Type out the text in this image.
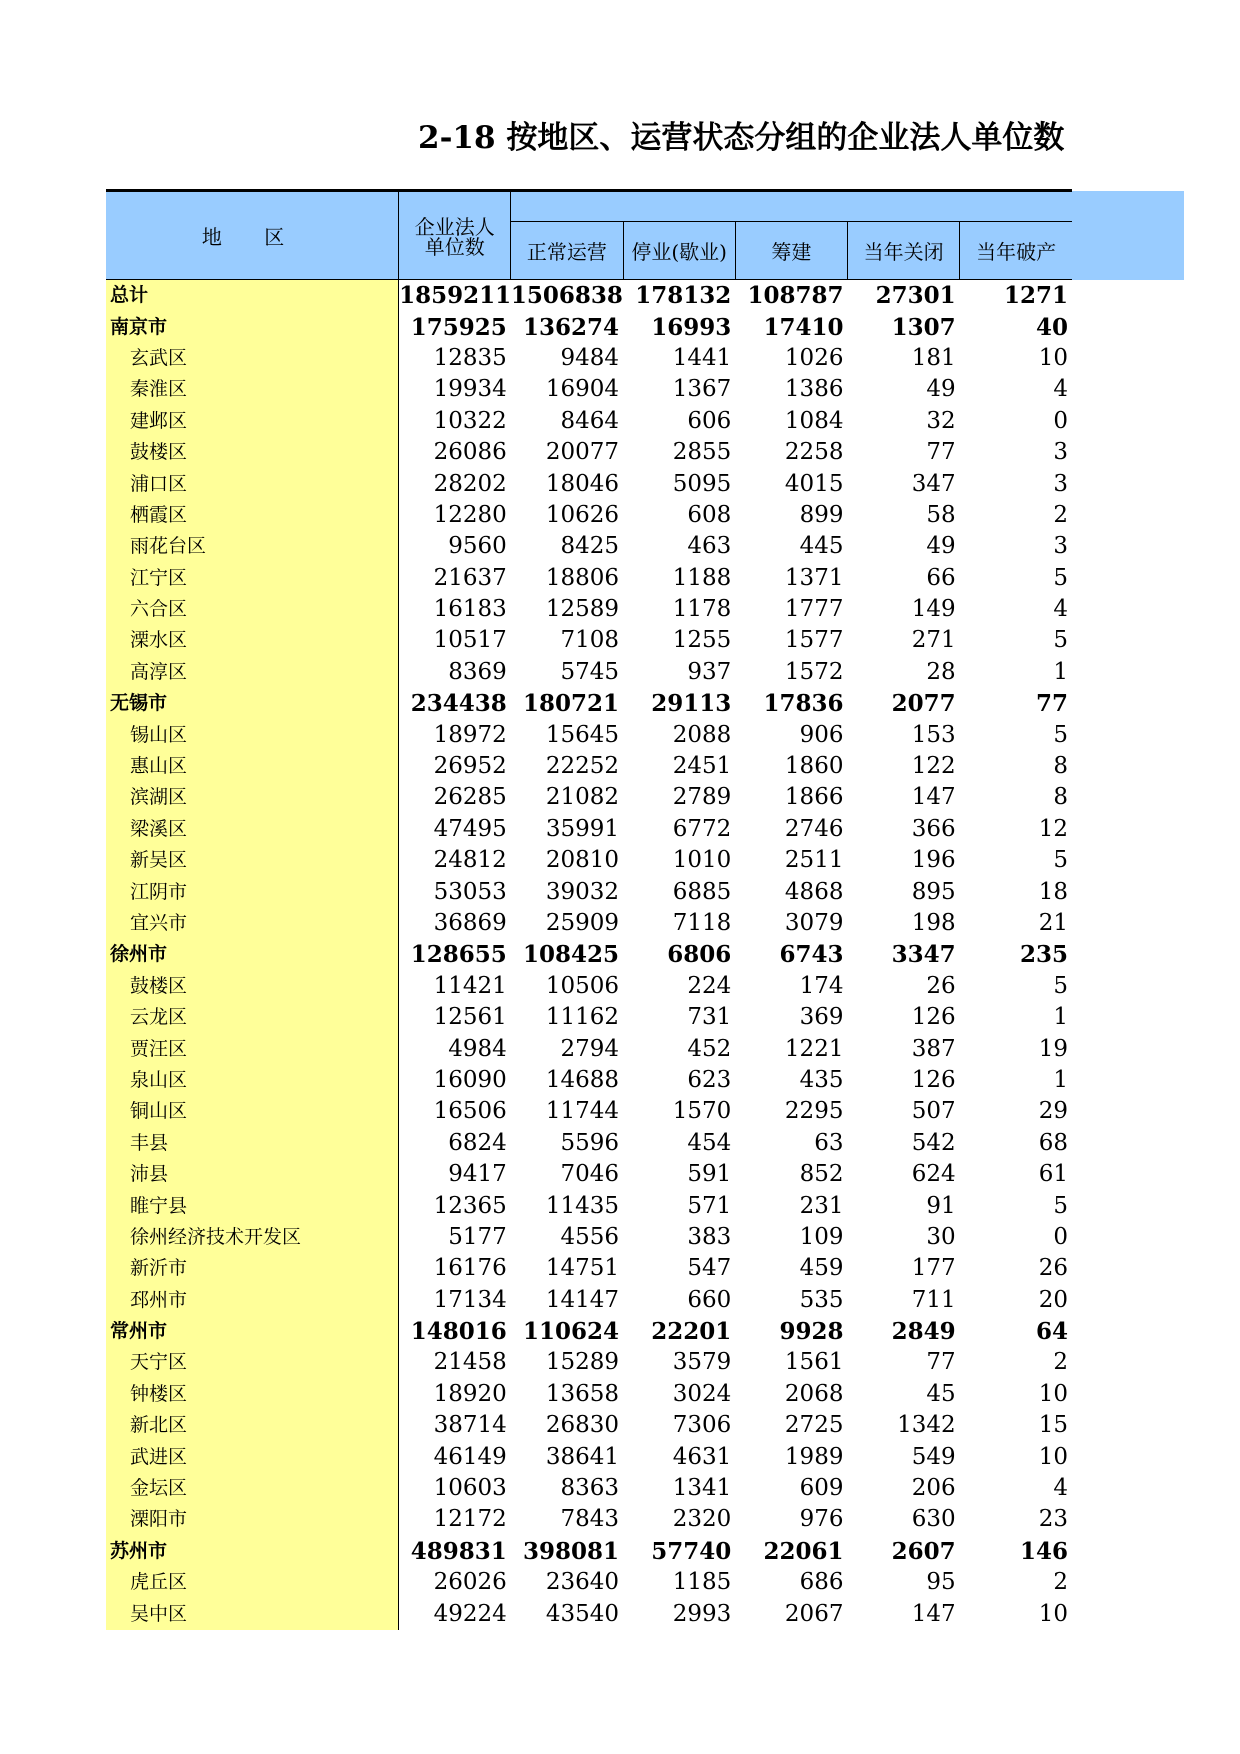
2-18 按地区、运营状态分组的企业法人单位数
地 区	企业法人
单位数					

		正常运营	停业(歇业)	筹建	当年关闭	当年破产
总计	1859211	1506838	178132	108787	27301	1271
南京市	175925	136274	16993	17410	1307	40
玄武区	12835	9484	1441	1026	181	10
秦淮区	19934	16904	1367	1386	49	4
建邺区	10322	8464	606	1084	32	0
鼓楼区	26086	20077	2855	2258	77	3
浦口区	28202	18046	5095	4015	347	3
栖霞区	12280	10626	608	899	58	2
雨花台区	9560	8425	463	445	49	3
江宁区	21637	18806	1188	1371	66	5
六合区	16183	12589	1178	1777	149	4
溧水区	10517	7108	1255	1577	271	5
高淳区	8369	5745	937	1572	28	1
无锡市	234438	180721	29113	17836	2077	77
锡山区	18972	15645	2088	906	153	5
惠山区	26952	22252	2451	1860	122	8
滨湖区	26285	21082	2789	1866	147	8
梁溪区	47495	35991	6772	2746	366	12
新吴区	24812	20810	1010	2511	196	5
江阴市	53053	39032	6885	4868	895	18
宜兴市	36869	25909	7118	3079	198	21
徐州市	128655	108425	6806	6743	3347	235
鼓楼区	11421	10506	224	174	26	5
云龙区	12561	11162	731	369	126	1
贾汪区	4984	2794	452	1221	387	19
泉山区	16090	14688	623	435	126	1
铜山区	16506	11744	1570	2295	507	29
丰县	6824	5596	454	63	542	68
沛县	9417	7046	591	852	624	61
睢宁县	12365	11435	571	231	91	5
徐州经济技术开发区	5177	4556	383	109	30	0
新沂市	16176	14751	547	459	177	26
邳州市	17134	14147	660	535	711	20
常州市	148016	110624	22201	9928	2849	64
天宁区	21458	15289	3579	1561	77	2
钟楼区	18920	13658	3024	2068	45	10
新北区	38714	26830	7306	2725	1342	15
武进区	46149	38641	4631	1989	549	10
金坛区	10603	8363	1341	609	206	4
溧阳市	12172	7843	2320	976	630	23
苏州市	489831	398081	57740	22061	2607	146
虎丘区	26026	23640	1185	686	95	2
吴中区	49224	43540	2993	2067	147	10
